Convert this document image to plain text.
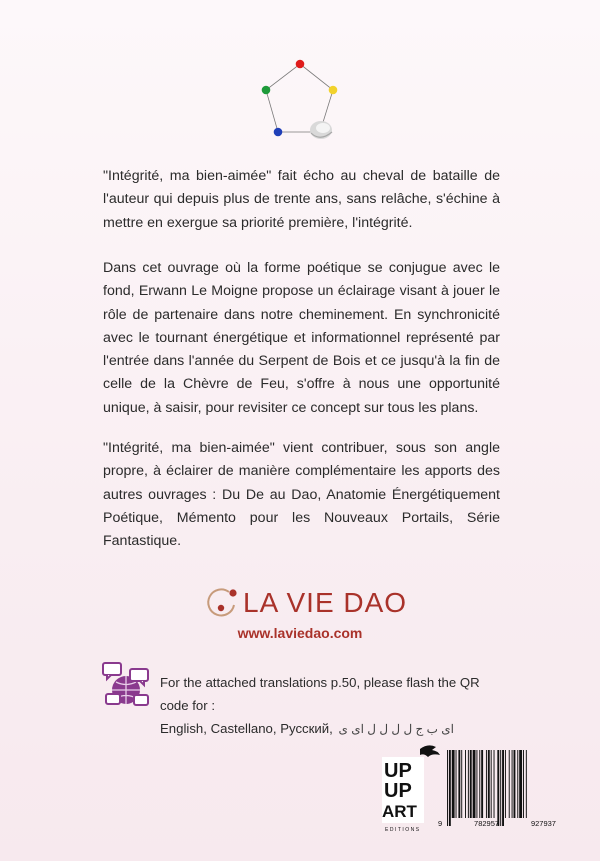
"Intégrité, ma bien-aimée" fait écho au cheval de bataille de l'auteur qui depuis plus de trente ans, sans relâche, s'échine à mettre en exergue sa priorité première, l'intégrité.

Dans cet ouvrage où la forme poétique se conjugue avec le fond, Erwann Le Moigne propose un éclairage visant à jouer le rôle de partenaire dans notre cheminement. En synchronicité avec le tournant énergétique et informationnel représenté par l'entrée dans l'année du Serpent de Bois et ce jusqu'à la fin de celle de la Chèvre de Feu, s'offre à nous une opportunité unique, à saisir, pour revisiter ce concept sur tous les plans.

"Intégrité, ma bien-aimée" vient contribuer, sous son angle propre, à éclairer de manière complémentaire les apports des autres ouvrages : Du De au Dao, Anatomie Énergétiquement Poétique, Mémento pour les Nouveaux Portails, Série Fantastique.

LA VIE DAO
www.laviedao.com
For the attached translations p.50, please flash the QR code for :
English, Castellano, Русский, ای ب ج ل ل ل ل ای ی
UP
UP
ART
EDITIONS
9	782957	927937
